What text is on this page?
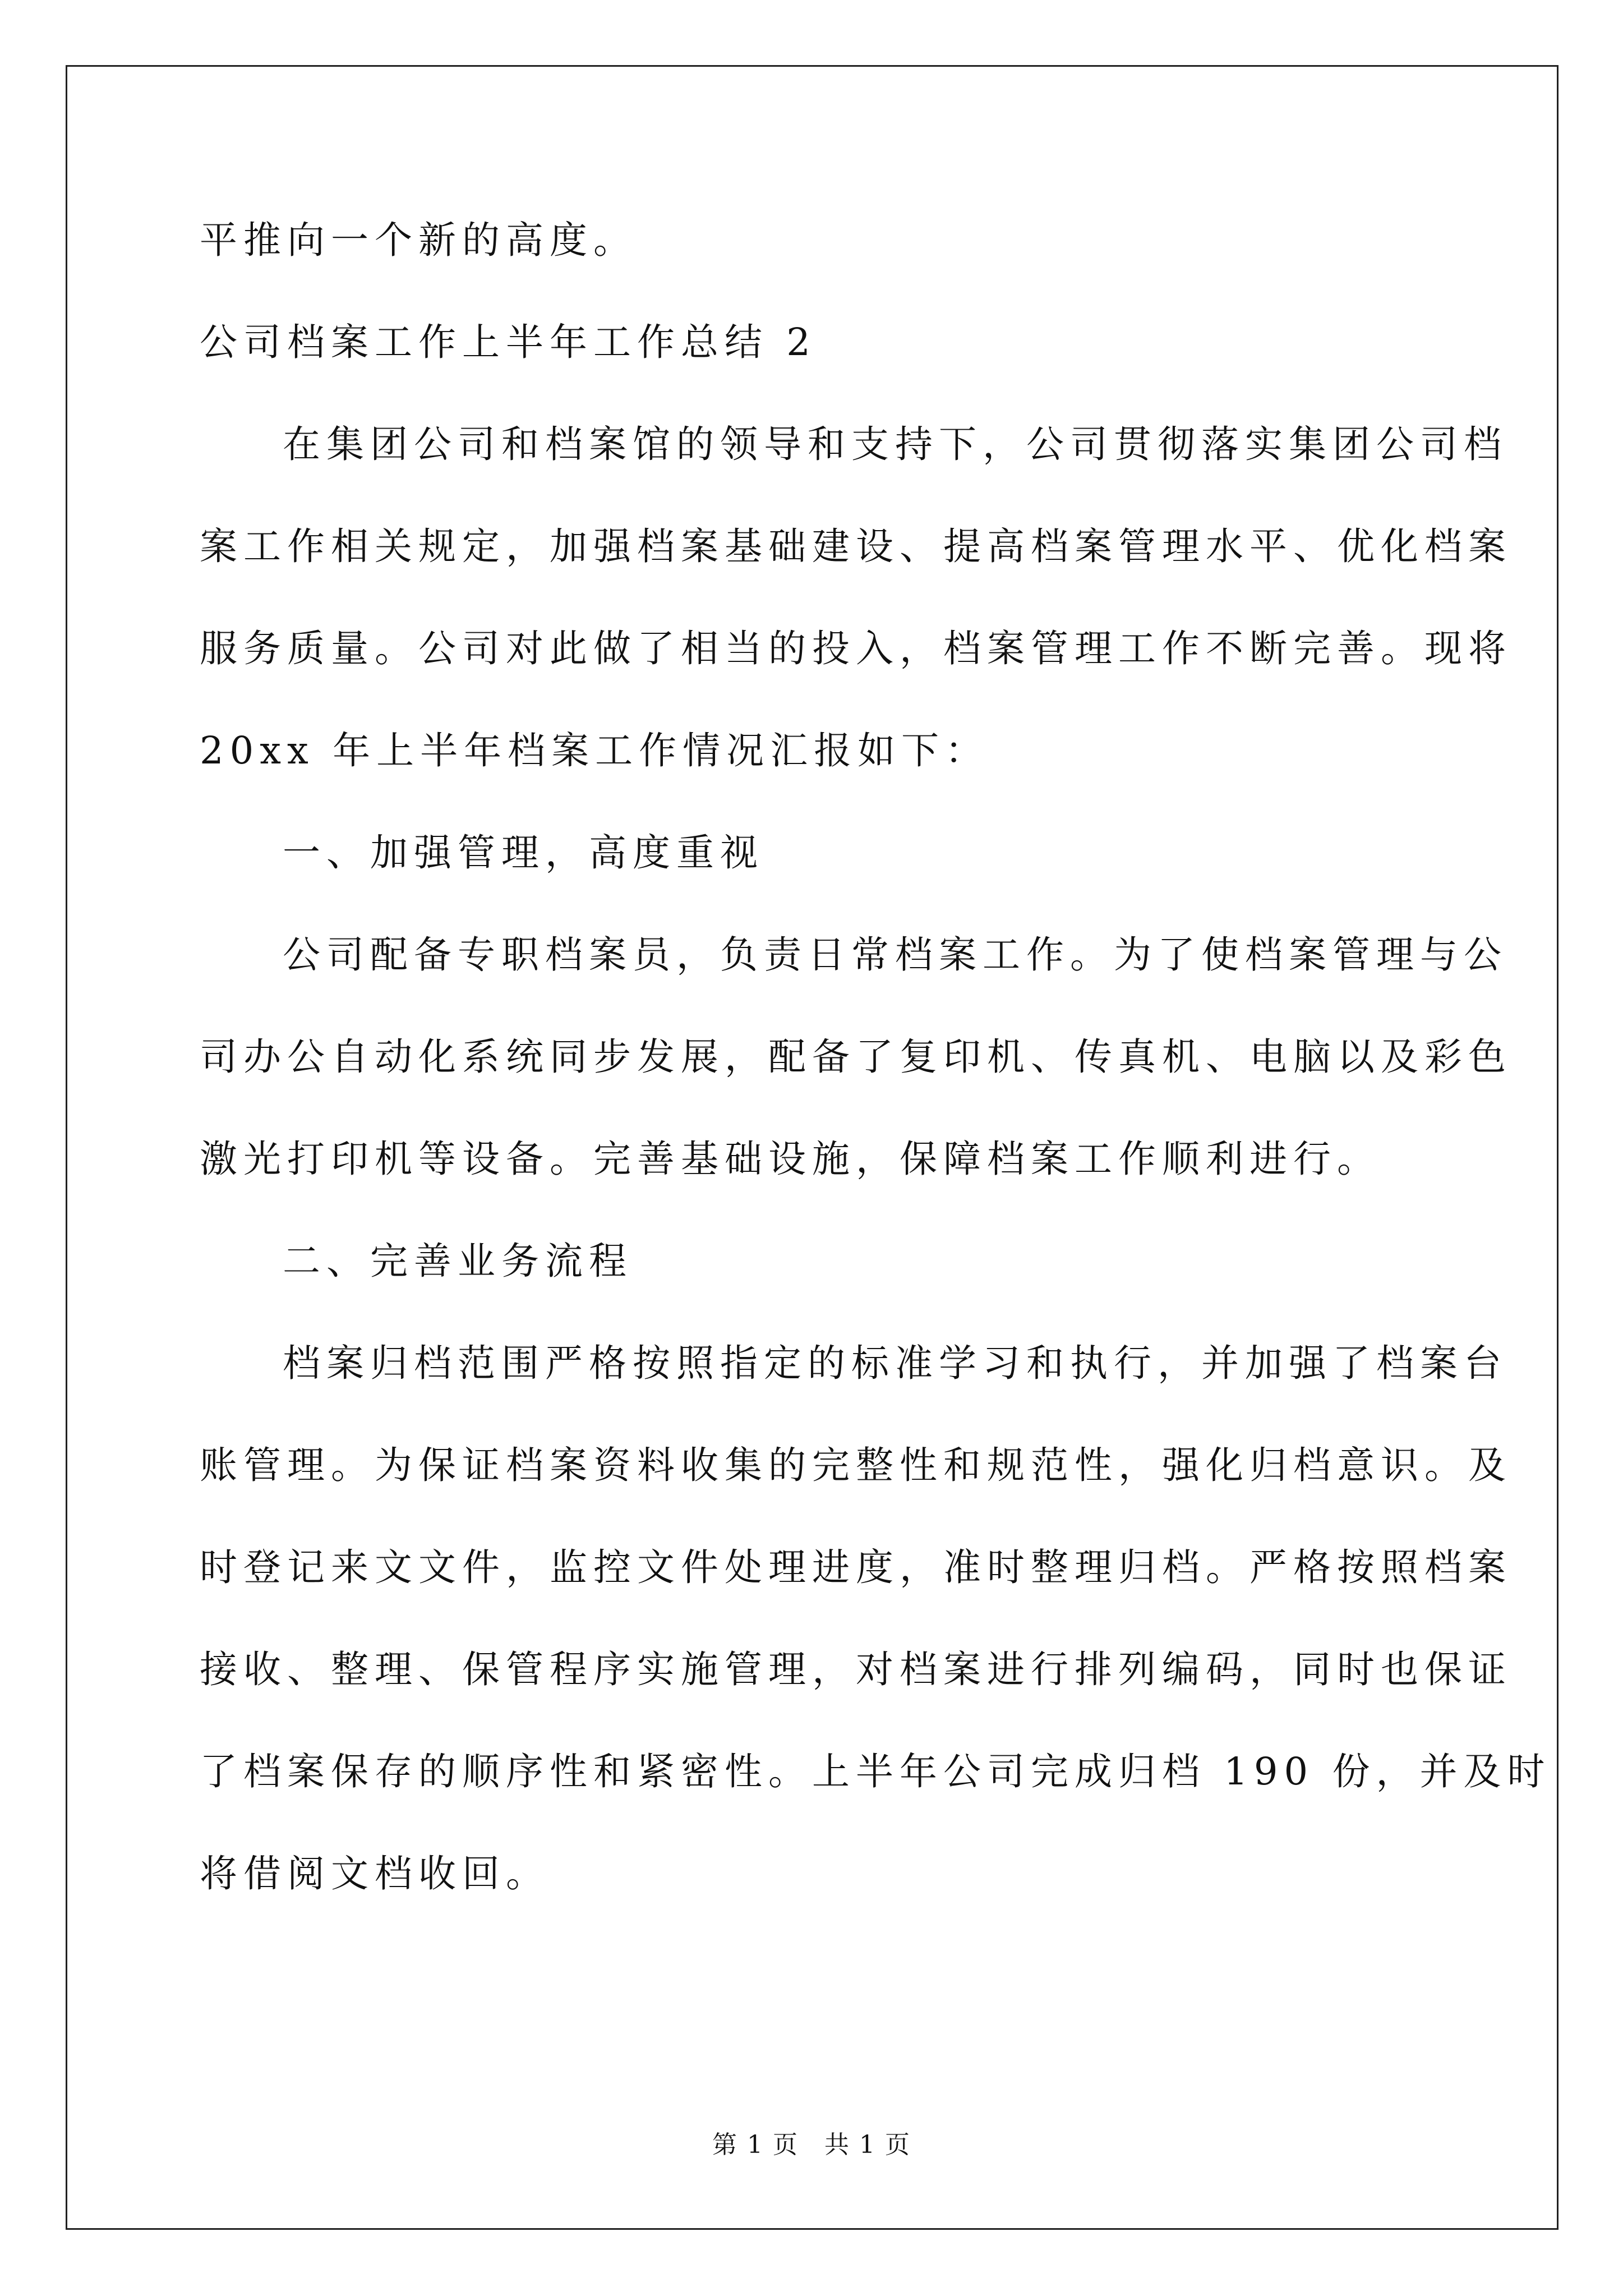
平推向一个新的高度。
公司档案工作上半年工作总结 2
在集团公司和档案馆的领导和支持下，公司贯彻落实集团公司档
案工作相关规定，加强档案基础建设、提高档案管理水平、优化档案
服务质量。公司对此做了相当的投入，档案管理工作不断完善。现将
20xx 年上半年档案工作情况汇报如下：
一、加强管理，高度重视
公司配备专职档案员，负责日常档案工作。为了使档案管理与公
司办公自动化系统同步发展，配备了复印机、传真机、电脑以及彩色
激光打印机等设备。完善基础设施，保障档案工作顺利进行。
二、完善业务流程
档案归档范围严格按照指定的标准学习和执行，并加强了档案台
账管理。为保证档案资料收集的完整性和规范性，强化归档意识。及
时登记来文文件，监控文件处理进度，准时整理归档。严格按照档案
接收、整理、保管程序实施管理，对档案进行排列编码，同时也保证
了档案保存的顺序性和紧密性。上半年公司完成归档 190 份，并及时
将借阅文档收回。
第 1 页　共 1 页
